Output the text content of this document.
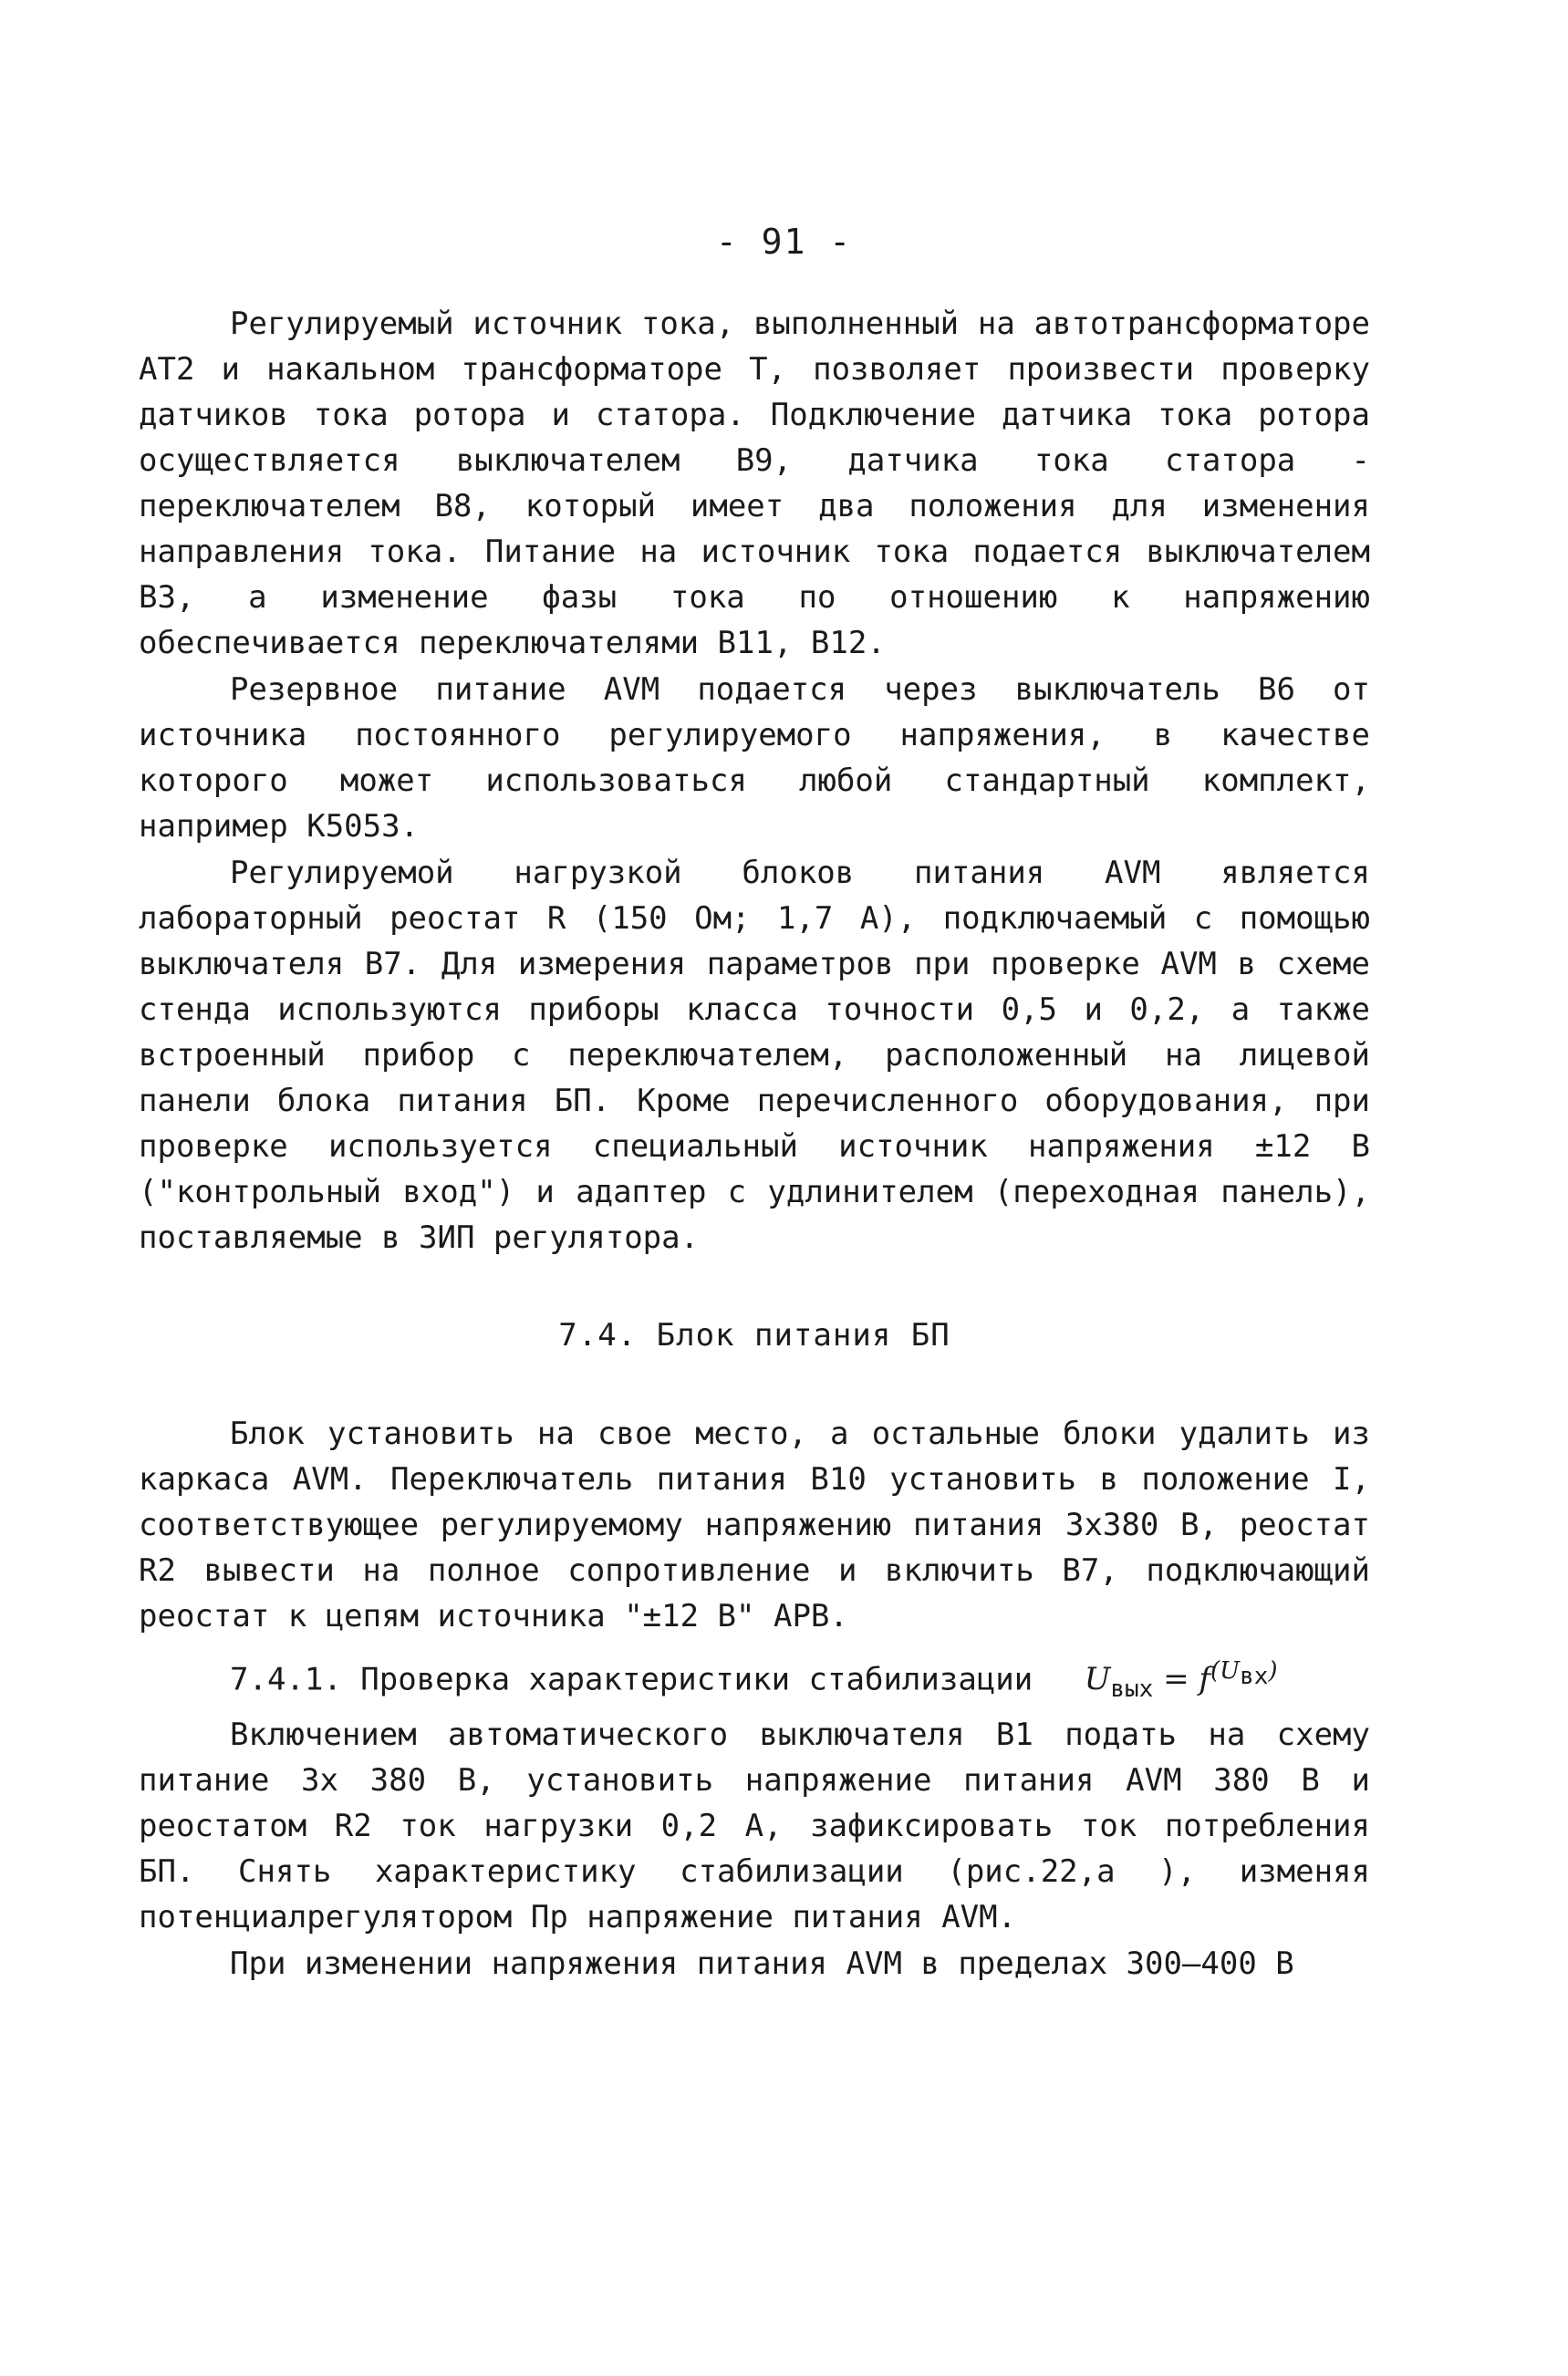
- 91 -

Регулируемый источник тока, выполненный на автотрансформаторе АТ2 и накальном трансформаторе Т, позволяет произвести проверку датчиков тока ротора и статора. Подключение датчика тока ротора осуществляется выключателем В9, датчика тока статора - переключателем В8, который имеет два положения для изменения направления тока. Питание на источник тока подается выключателем В3, а изменение фазы тока по отношению к напряжению обеспечивается переключателями В11, В12.

Резервное питание АVМ подается через выключатель В6 от источника постоянного регулируемого напряжения, в качестве которого может использоваться любой стандартный комплект, например К5053.

Регулируемой нагрузкой блоков питания АVМ является лабораторный реостат R (150 Ом; 1,7 А), подключаемый с помощью выключателя В7. Для измерения параметров при проверке АVМ в схеме стенда используются приборы класса точности 0,5 и 0,2, а также встроенный прибор с переключателем, расположенный на лицевой панели блока питания БП. Кроме перечисленного оборудования, при проверке используется специальный источник напряжения ±12 В ("контрольный вход") и адаптер с удлинителем (переходная панель), поставляемые в ЗИП регулятора.

7.4. Блок питания БП

Блок установить на свое место, а остальные блоки удалить из каркаса АVМ. Переключатель питания В10 установить в положение I, соответствующее регулируемому напряжению питания 3х380 В, реостат R2 вывести на полное сопротивление и включить В7, подключающий реостат к цепям источника "±12 В" АРВ.

7.4.1. Проверка характеристики стабилизации $U_{вых} = f^{(U_{вх})}$

Включением автоматического выключателя В1 подать на схему питание 3х 380 В, установить напряжение питания АVМ 380 В и реостатом R2 ток нагрузки 0,2 А, зафиксировать ток потребления БП. Снять характеристику стабилизации (рис.22,а ), изменяя потенциалрегулятором Пр напряжение питания АVМ.

При изменении напряжения питания АVМ в пределах 300–400 В
